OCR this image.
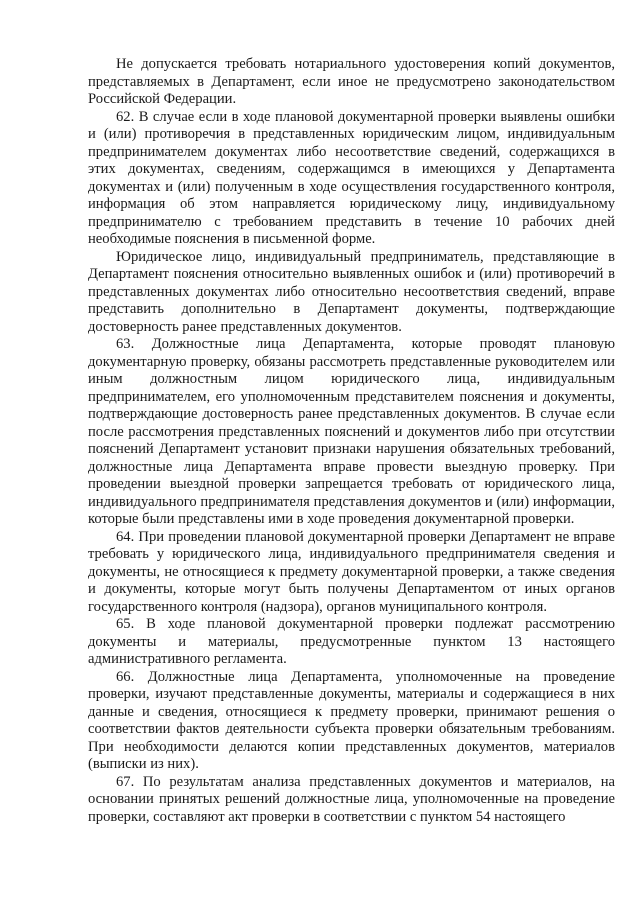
Не допускается требовать нотариального удостоверения копий документов, представляемых в Департамент, если иное не предусмотрено законодательством Российской Федерации.

62. В случае если в ходе плановой документарной проверки выявлены ошибки и (или) противоречия в представленных юридическим лицом, индивидуальным предпринимателем документах либо несоответствие сведений, содержащихся в этих документах, сведениям, содержащимся в имеющихся у Департамента документах и (или) полученным в ходе осуществления государственного контроля, информация об этом направляется юридическому лицу, индивидуальному предпринимателю с требованием представить в течение 10 рабочих дней необходимые пояснения в письменной форме.

Юридическое лицо, индивидуальный предприниматель, представляющие в Департамент пояснения относительно выявленных ошибок и (или) противоречий в представленных документах либо относительно несоответствия сведений, вправе представить дополнительно в Департамент документы, подтверждающие достоверность ранее представленных документов.

63. Должностные лица Департамента, которые проводят плановую документарную проверку, обязаны рассмотреть представленные руководителем или иным должностным лицом юридического лица, индивидуальным предпринимателем, его уполномоченным представителем пояснения и документы, подтверждающие достоверность ранее представленных документов. В случае если после рассмотрения представленных пояснений и документов либо при отсутствии пояснений Департамент установит признаки нарушения обязательных требований, должностные лица Департамента вправе провести выездную проверку. При проведении выездной проверки запрещается требовать от юридического лица, индивидуального предпринимателя представления документов и (или) информации, которые были представлены ими в ходе проведения документарной проверки.

64. При проведении плановой документарной проверки Департамент не вправе требовать у юридического лица, индивидуального предпринимателя сведения и документы, не относящиеся к предмету документарной проверки, а также сведения и документы, которые могут быть получены Департаментом от иных органов государственного контроля (надзора), органов муниципального контроля.

65. В ходе плановой документарной проверки подлежат рассмотрению документы и материалы, предусмотренные пунктом 13 настоящего административного регламента.

66. Должностные лица Департамента, уполномоченные на проведение проверки, изучают представленные документы, материалы и содержащиеся в них данные и сведения, относящиеся к предмету проверки, принимают решения о соответствии фактов деятельности субъекта проверки обязательным требованиям. При необходимости делаются копии представленных документов, материалов (выписки из них).

67. По результатам анализа представленных документов и материалов, на основании принятых решений должностные лица, уполномоченные на проведение проверки, составляют акт проверки в соответствии с пунктом 54 настоящего
